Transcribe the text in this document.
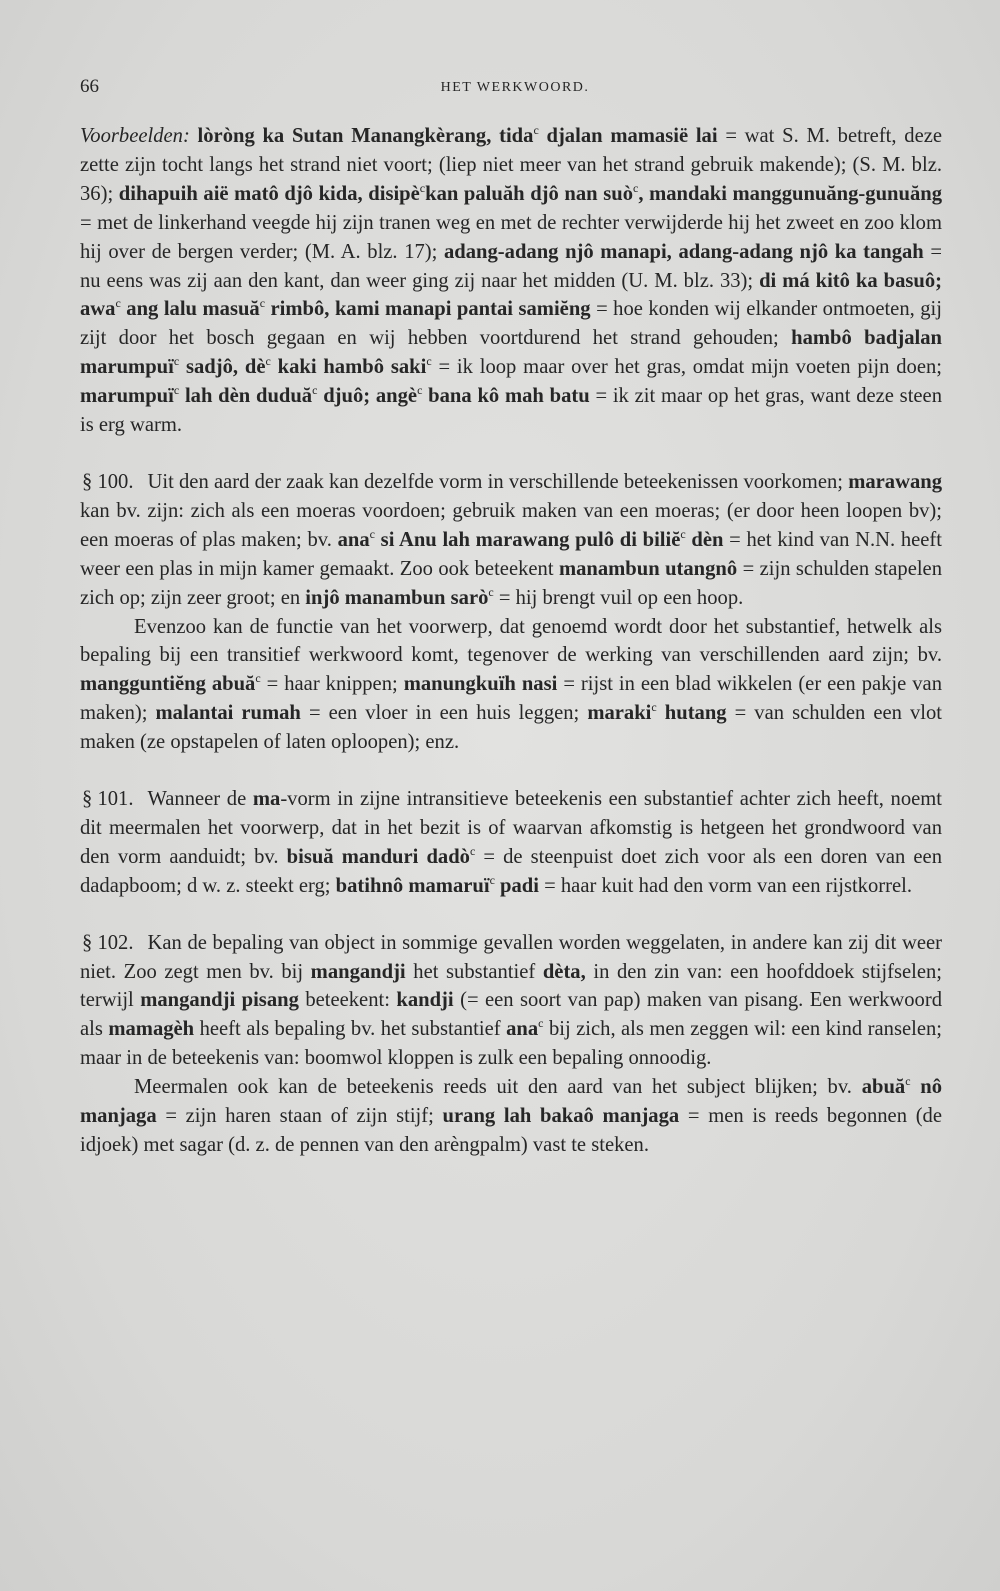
66	HET WERKWOORD.

Voorbeelden: lòròng ka Sutan Manangkèrang, tida$^c$ djalan mamasië lai = wat S. M. betreft, deze zette zijn tocht langs het strand niet voort; (liep niet meer van het strand gebruik makende); (S. M. blz. 36); dihapuih aië matô djô kida, disipè$^c$kan paluăh djô nan suò$^c$, mandaki manggunuăng-gunuăng = met de linkerhand veegde hij zijn tranen weg en met de rechter verwijderde hij het zweet en zoo klom hij over de bergen verder; (M. A. blz. 17); adang-adang njô manapi, adang-adang njô ka tangah = nu eens was zij aan den kant, dan weer ging zij naar het midden (U. M. blz. 33); di má kitô ka basuô; awa$^c$ ang lalu masuă$^c$ rimbô, kami manapi pantai samiĕng = hoe konden wij elkander ontmoeten, gij zijt door het bosch gegaan en wij hebben voortdurend het strand gehouden; hambô badjalan marumpuï$^c$ sadjô, $dè^c$ kaki hambô saki$^c$ = ik loop maar over het gras, omdat mijn voeten pijn doen; marumpuï$^c$ lah dèn duduă$^c$ djuô; angè$^c$ bana kô mah batu = ik zit maar op het gras, want deze steen is erg warm.

§ 100. Uit den aard der zaak kan dezelfde vorm in verschillende beteekenissen voorkomen; marawang kan bv. zijn: zich als een moeras voordoen; gebruik maken van een moeras; (er door heen loopen bv); een moeras of plas maken; bv. ana$^c$ si Anu lah marawang pulô di biliĕ$^c$ dèn = het kind van N.N. heeft weer een plas in mijn kamer gemaakt. Zoo ook beteekent manambun utangnô = zijn schulden stapelen zich op; zijn zeer groot; en injô manambun sarò$^c$ = hij brengt vuil op een hoop.

Evenzoo kan de functie van het voorwerp, dat genoemd wordt door het substantief, hetwelk als bepaling bij een transitief werkwoord komt, tegenover de werking van verschillenden aard zijn; bv. mangguntiĕng abuă$^c$ = haar knippen; manungkuïh nasi = rijst in een blad wikkelen (er een pakje van maken); malantai rumah = een vloer in een huis leggen; maraki$^c$ hutang = van schulden een vlot maken (ze opstapelen of laten oploopen); enz.

§ 101. Wanneer de ma-vorm in zijne intransitieve beteekenis een substantief achter zich heeft, noemt dit meermalen het voorwerp, dat in het bezit is of waarvan afkomstig is hetgeen het grondwoord van den vorm aanduidt; bv. bisuă manduri dadò$^c$ = de steenpuist doet zich voor als een doren van een dadapboom; d w. z. steekt erg; batihnô mamaruï$^c$ padi = haar kuit had den vorm van een rijstkorrel.

§ 102. Kan de bepaling van object in sommige gevallen worden weggelaten, in andere kan zij dit weer niet. Zoo zegt men bv. bij mangandji het substantief dèta, in den zin van: een hoofddoek stijfselen; terwijl mangandji pisang beteekent: kandji (= een soort van pap) maken van pisang. Een werkwoord als mamagèh heeft als bepaling bv. het substantief ana$^c$ bij zich, als men zeggen wil: een kind ranselen; maar in de beteekenis van: boomwol kloppen is zulk een bepaling onnoodig.

Meermalen ook kan de beteekenis reeds uit den aard van het subject blijken; bv. abuă$^c$ nô manjaga = zijn haren staan of zijn stijf; urang lah bakaô manjaga = men is reeds begonnen (de idjoek) met sagar (d. z. de pennen van den arèngpalm) vast te steken.
